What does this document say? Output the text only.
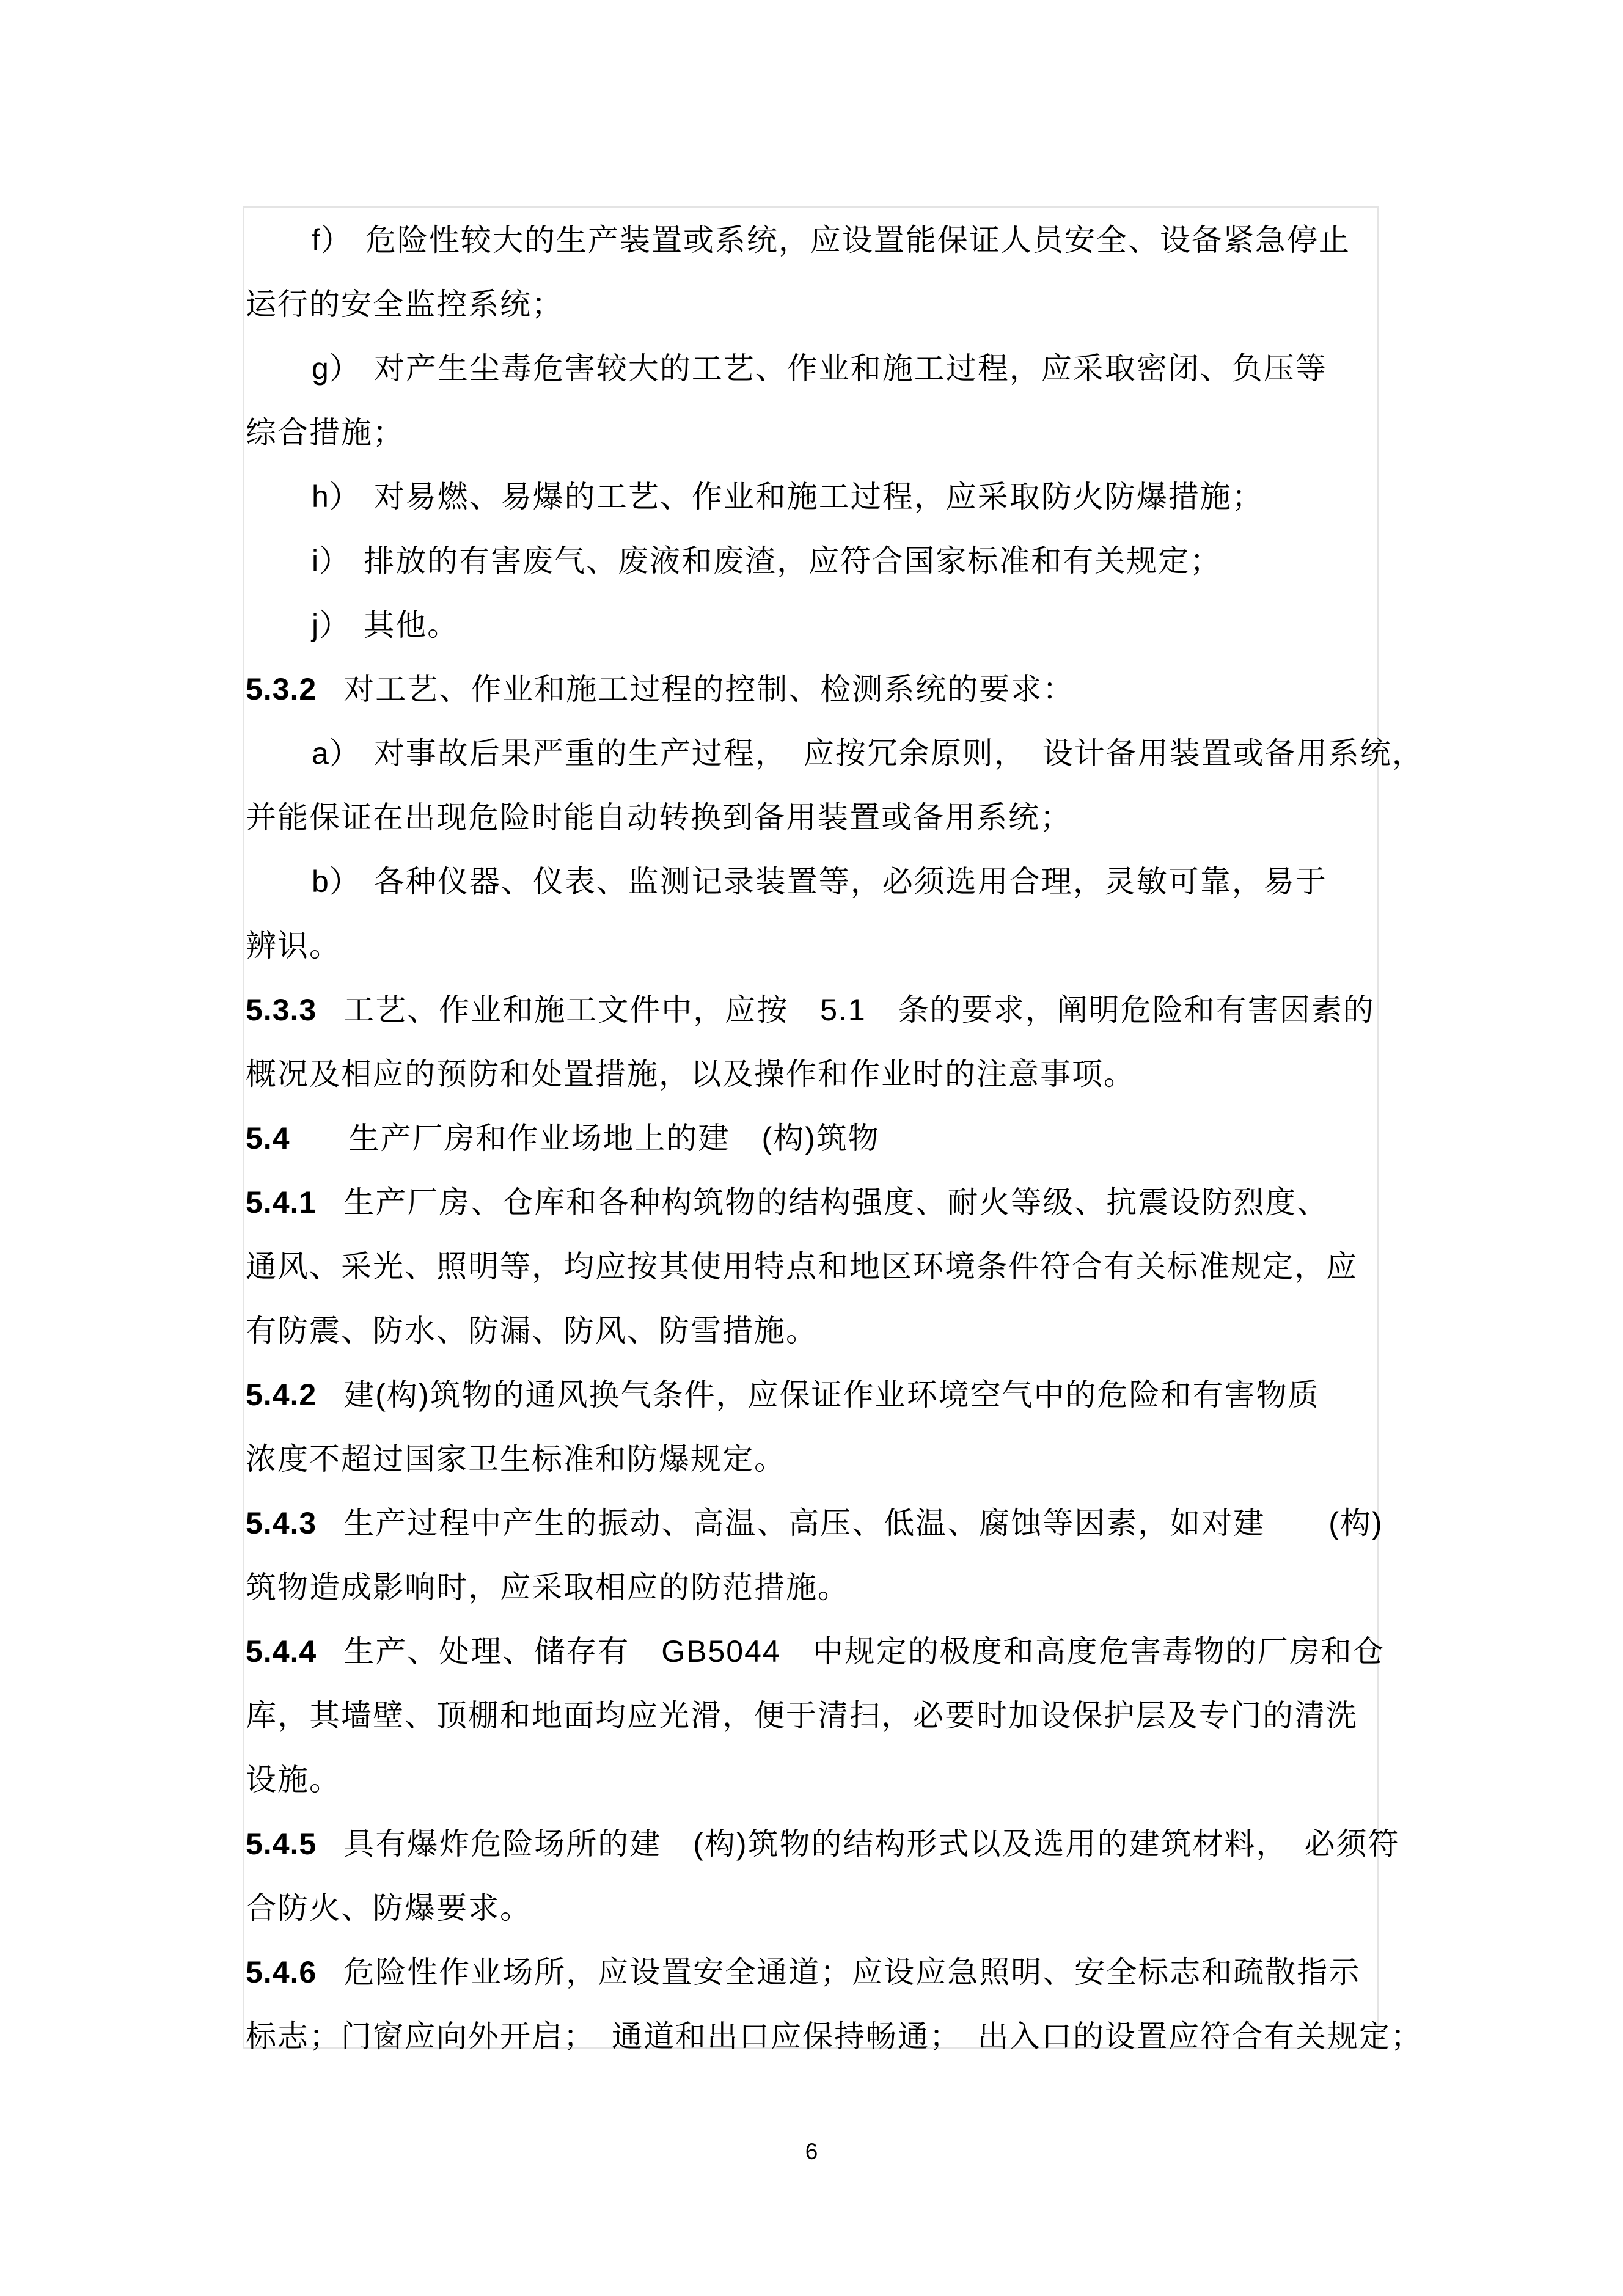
f） 危险性较大的生产装置或系统，应设置能保证人员安全、设备紧急停止
运行的安全监控系统；
g） 对产生尘毒危害较大的工艺、作业和施工过程，应采取密闭、负压等
综合措施；
h） 对易燃、易爆的工艺、作业和施工过程，应采取防火防爆措施；
i） 排放的有害废气、废液和废渣，应符合国家标准和有关规定；
j） 其他。
5.3.2 对工艺、作业和施工过程的控制、检测系统的要求：
a） 对事故后果严重的生产过程，　应按冗余原则，　设计备用装置或备用系统，
并能保证在出现危险时能自动转换到备用装置或备用系统；
b） 各种仪器、仪表、监测记录装置等，必须选用合理，灵敏可靠，易于
辨识。
5.3.3 工艺、作业和施工文件中，应按　5.1　条的要求，阐明危险和有害因素的
概况及相应的预防和处置措施，以及操作和作业时的注意事项。
5.4　生产厂房和作业场地上的建　(构)筑物
5.4.1 生产厂房、仓库和各种构筑物的结构强度、耐火等级、抗震设防烈度、
通风、采光、照明等，均应按其使用特点和地区环境条件符合有关标准规定，应
有防震、防水、防漏、防风、防雪措施。
5.4.2 建(构)筑物的通风换气条件，应保证作业环境空气中的危险和有害物质
浓度不超过国家卫生标准和防爆规定。
5.4.3 生产过程中产生的振动、高温、高压、低温、腐蚀等因素，如对建　　(构)
筑物造成影响时，应采取相应的防范措施。
5.4.4 生产、处理、储存有　GB5044　中规定的极度和高度危害毒物的厂房和仓
库，其墙壁、顶棚和地面均应光滑，便于清扫，必要时加设保护层及专门的清洗
设施。
5.4.5 具有爆炸危险场所的建　(构)筑物的结构形式以及选用的建筑材料，　必须符
合防火、防爆要求。
5.4.6 危险性作业场所，应设置安全通道；应设应急照明、安全标志和疏散指示
标志；门窗应向外开启；　通道和出口应保持畅通；　出入口的设置应符合有关规定；
6
